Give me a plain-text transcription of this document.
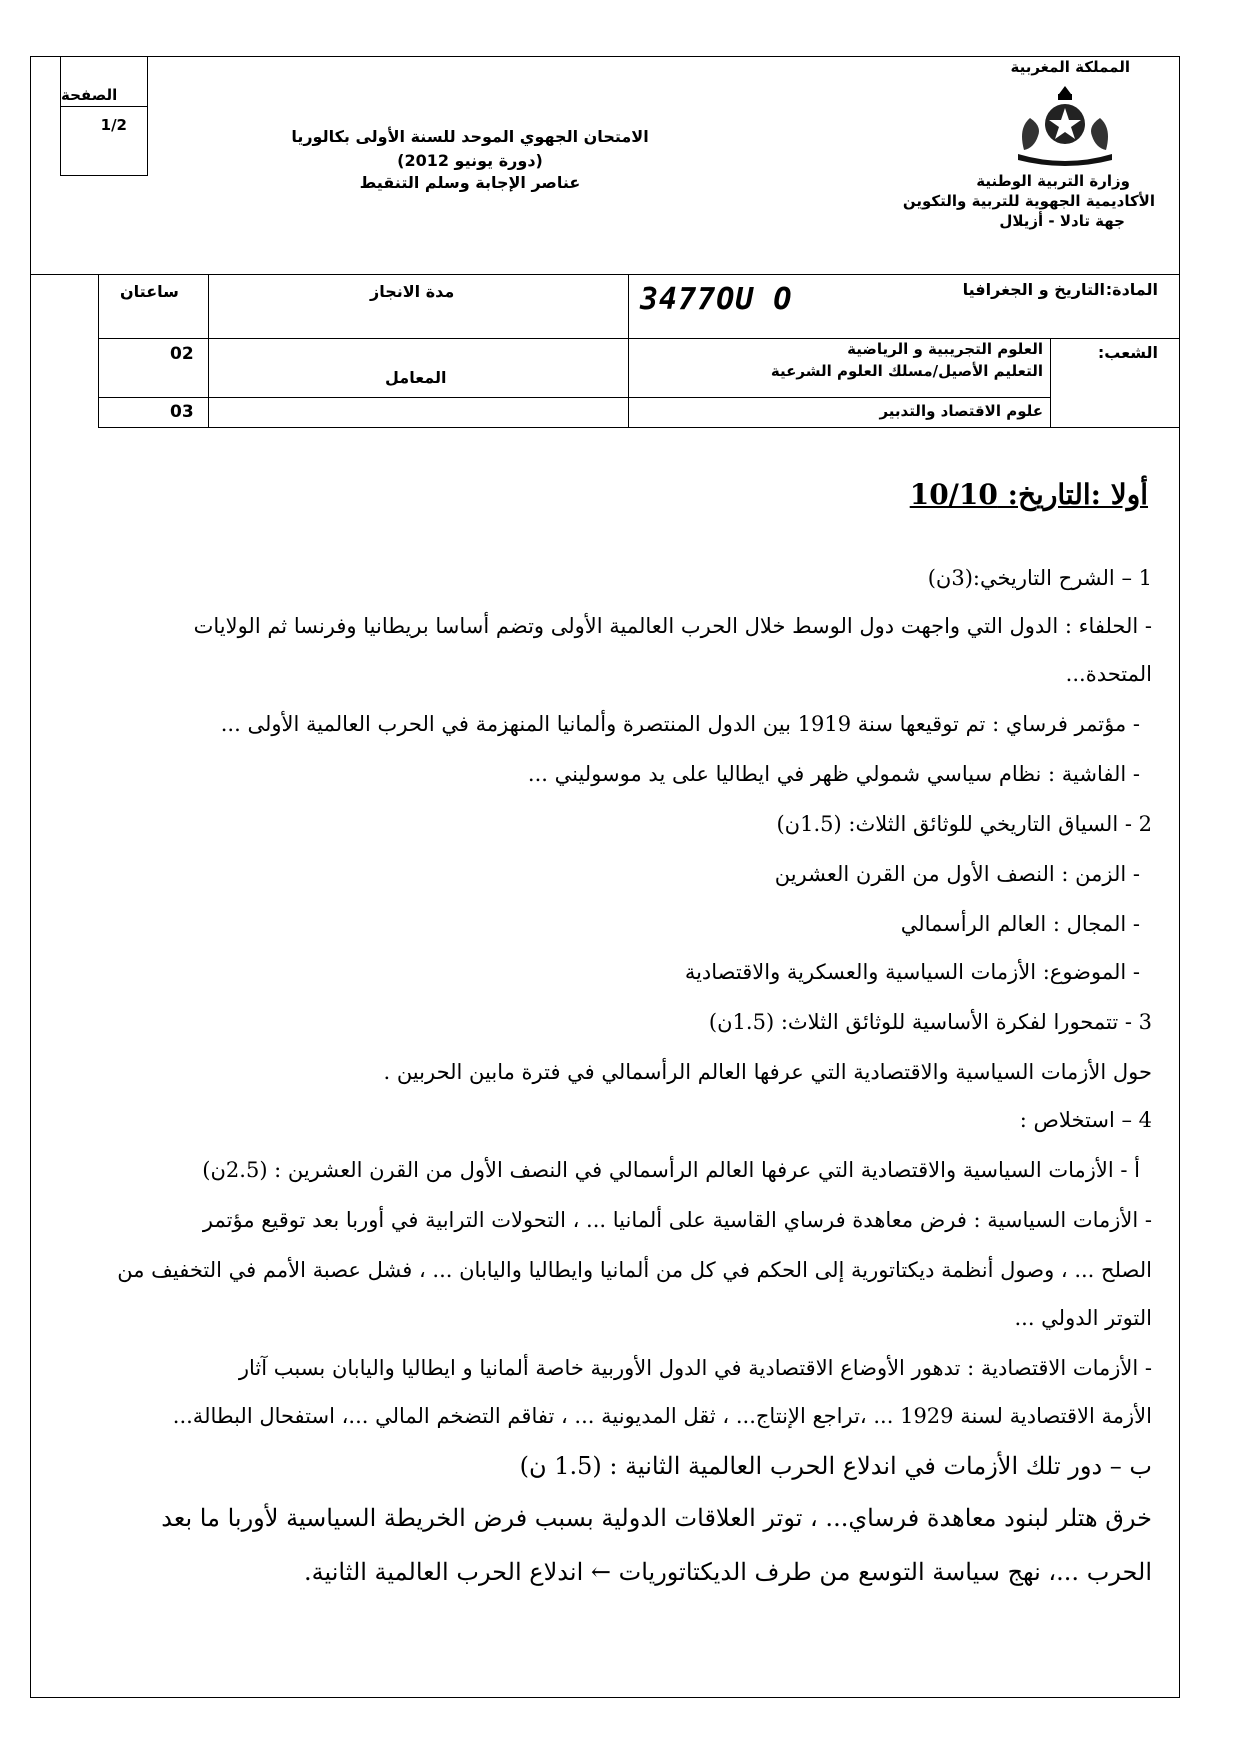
الصفحة
1/2
المملكة المغربية
وزارة التربية الوطنية
الأكاديمية الجهوية للتربية والتكوين
جهة تادلا - أزيلال
الامتحان الجهوي الموحد للسنة الأولى بكالوريا
(دورة يونيو 2012)
عناصر الإجابة وسلم التنقيط
المادة:
التاريخ و الجغرافيا
3477OU O
مدة الانجاز
ساعتان
الشعب:
العلوم التجريبية و الرياضية
التعليم الأصيل/مسلك العلوم الشرعية
علوم الاقتصاد والتدبير
المعامل
02
03
أولا :التاريخ: 10/10
1 – الشرح التاريخي:(3ن)
- الحلفاء : الدول التي واجهت دول الوسط خلال الحرب العالمية الأولى وتضم أساسا بريطانيا وفرنسا ثم الولايات
المتحدة...
- مؤتمر فرساي : تم توقيعها سنة 1919 بين الدول المنتصرة وألمانيا المنهزمة في الحرب العالمية الأولى ...
- الفاشية : نظام سياسي شمولي ظهر في ايطاليا على يد موسوليني ...
2 - السياق التاريخي للوثائق الثلاث: (1.5ن)
- الزمن : النصف الأول من القرن العشرين
- المجال : العالم الرأسمالي
- الموضوع: الأزمات السياسية والعسكرية والاقتصادية
3 - تتمحورا لفكرة الأساسية للوثائق الثلاث: (1.5ن)
حول الأزمات السياسية والاقتصادية التي عرفها العالم الرأسمالي في فترة مابين الحربين .
4 – استخلاص :
أ - الأزمات السياسية والاقتصادية التي عرفها العالم الرأسمالي في النصف الأول من القرن العشرين : (2.5ن)
- الأزمات السياسية : فرض معاهدة فرساي القاسية على ألمانيا ... ، التحولات الترابية في أوربا بعد توقيع مؤتمر
الصلح ... ، وصول أنظمة ديكتاتورية إلى الحكم في كل من ألمانيا وايطاليا واليابان ... ، فشل عصبة الأمم في التخفيف من
التوتر الدولي ...
- الأزمات الاقتصادية : تدهور الأوضاع الاقتصادية في الدول الأوربية خاصة ألمانيا و ايطاليا واليابان بسبب آثار
الأزمة الاقتصادية لسنة 1929 ... ،تراجع الإنتاج... ، ثقل المديونية ... ، تفاقم التضخم المالي ...، استفحال البطالة...
ب – دور تلك الأزمات في اندلاع الحرب العالمية الثانية : (1.5 ن)
خرق هتلر لبنود معاهدة فرساي... ، توتر العلاقات الدولية بسبب فرض الخريطة السياسية لأوربا ما بعد
الحرب ...، نهج سياسة التوسع من طرف الديكتاتوريات ← اندلاع الحرب العالمية الثانية.
